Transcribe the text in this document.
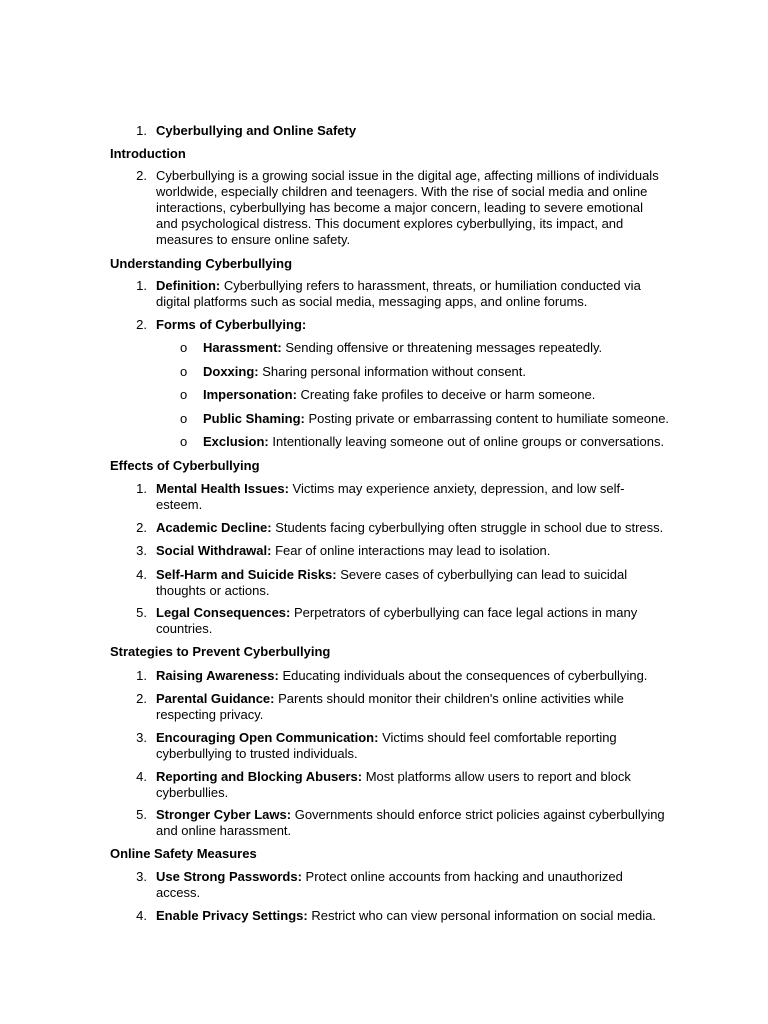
1. Cyberbullying and Online Safety
Introduction
2. Cyberbullying is a growing social issue in the digital age, affecting millions of individuals
worldwide, especially children and teenagers. With the rise of social media and online
interactions, cyberbullying has become a major concern, leading to severe emotional
and psychological distress. This document explores cyberbullying, its impact, and
measures to ensure online safety.
Understanding Cyberbullying
1. Definition: Cyberbullying refers to harassment, threats, or humiliation conducted via
digital platforms such as social media, messaging apps, and online forums.
2. Forms of Cyberbullying:
o Harassment: Sending offensive or threatening messages repeatedly.
o Doxxing: Sharing personal information without consent.
o Impersonation: Creating fake profiles to deceive or harm someone.
o Public Shaming: Posting private or embarrassing content to humiliate someone.
o Exclusion: Intentionally leaving someone out of online groups or conversations.
Effects of Cyberbullying
1. Mental Health Issues: Victims may experience anxiety, depression, and low self-
esteem.
2. Academic Decline: Students facing cyberbullying often struggle in school due to stress.
3. Social Withdrawal: Fear of online interactions may lead to isolation.
4. Self-Harm and Suicide Risks: Severe cases of cyberbullying can lead to suicidal
thoughts or actions.
5. Legal Consequences: Perpetrators of cyberbullying can face legal actions in many
countries.
Strategies to Prevent Cyberbullying
1. Raising Awareness: Educating individuals about the consequences of cyberbullying.
2. Parental Guidance: Parents should monitor their children's online activities while
respecting privacy.
3. Encouraging Open Communication: Victims should feel comfortable reporting
cyberbullying to trusted individuals.
4. Reporting and Blocking Abusers: Most platforms allow users to report and block
cyberbullies.
5. Stronger Cyber Laws: Governments should enforce strict policies against cyberbullying
and online harassment.
Online Safety Measures
3. Use Strong Passwords: Protect online accounts from hacking and unauthorized
access.
4. Enable Privacy Settings: Restrict who can view personal information on social media.
